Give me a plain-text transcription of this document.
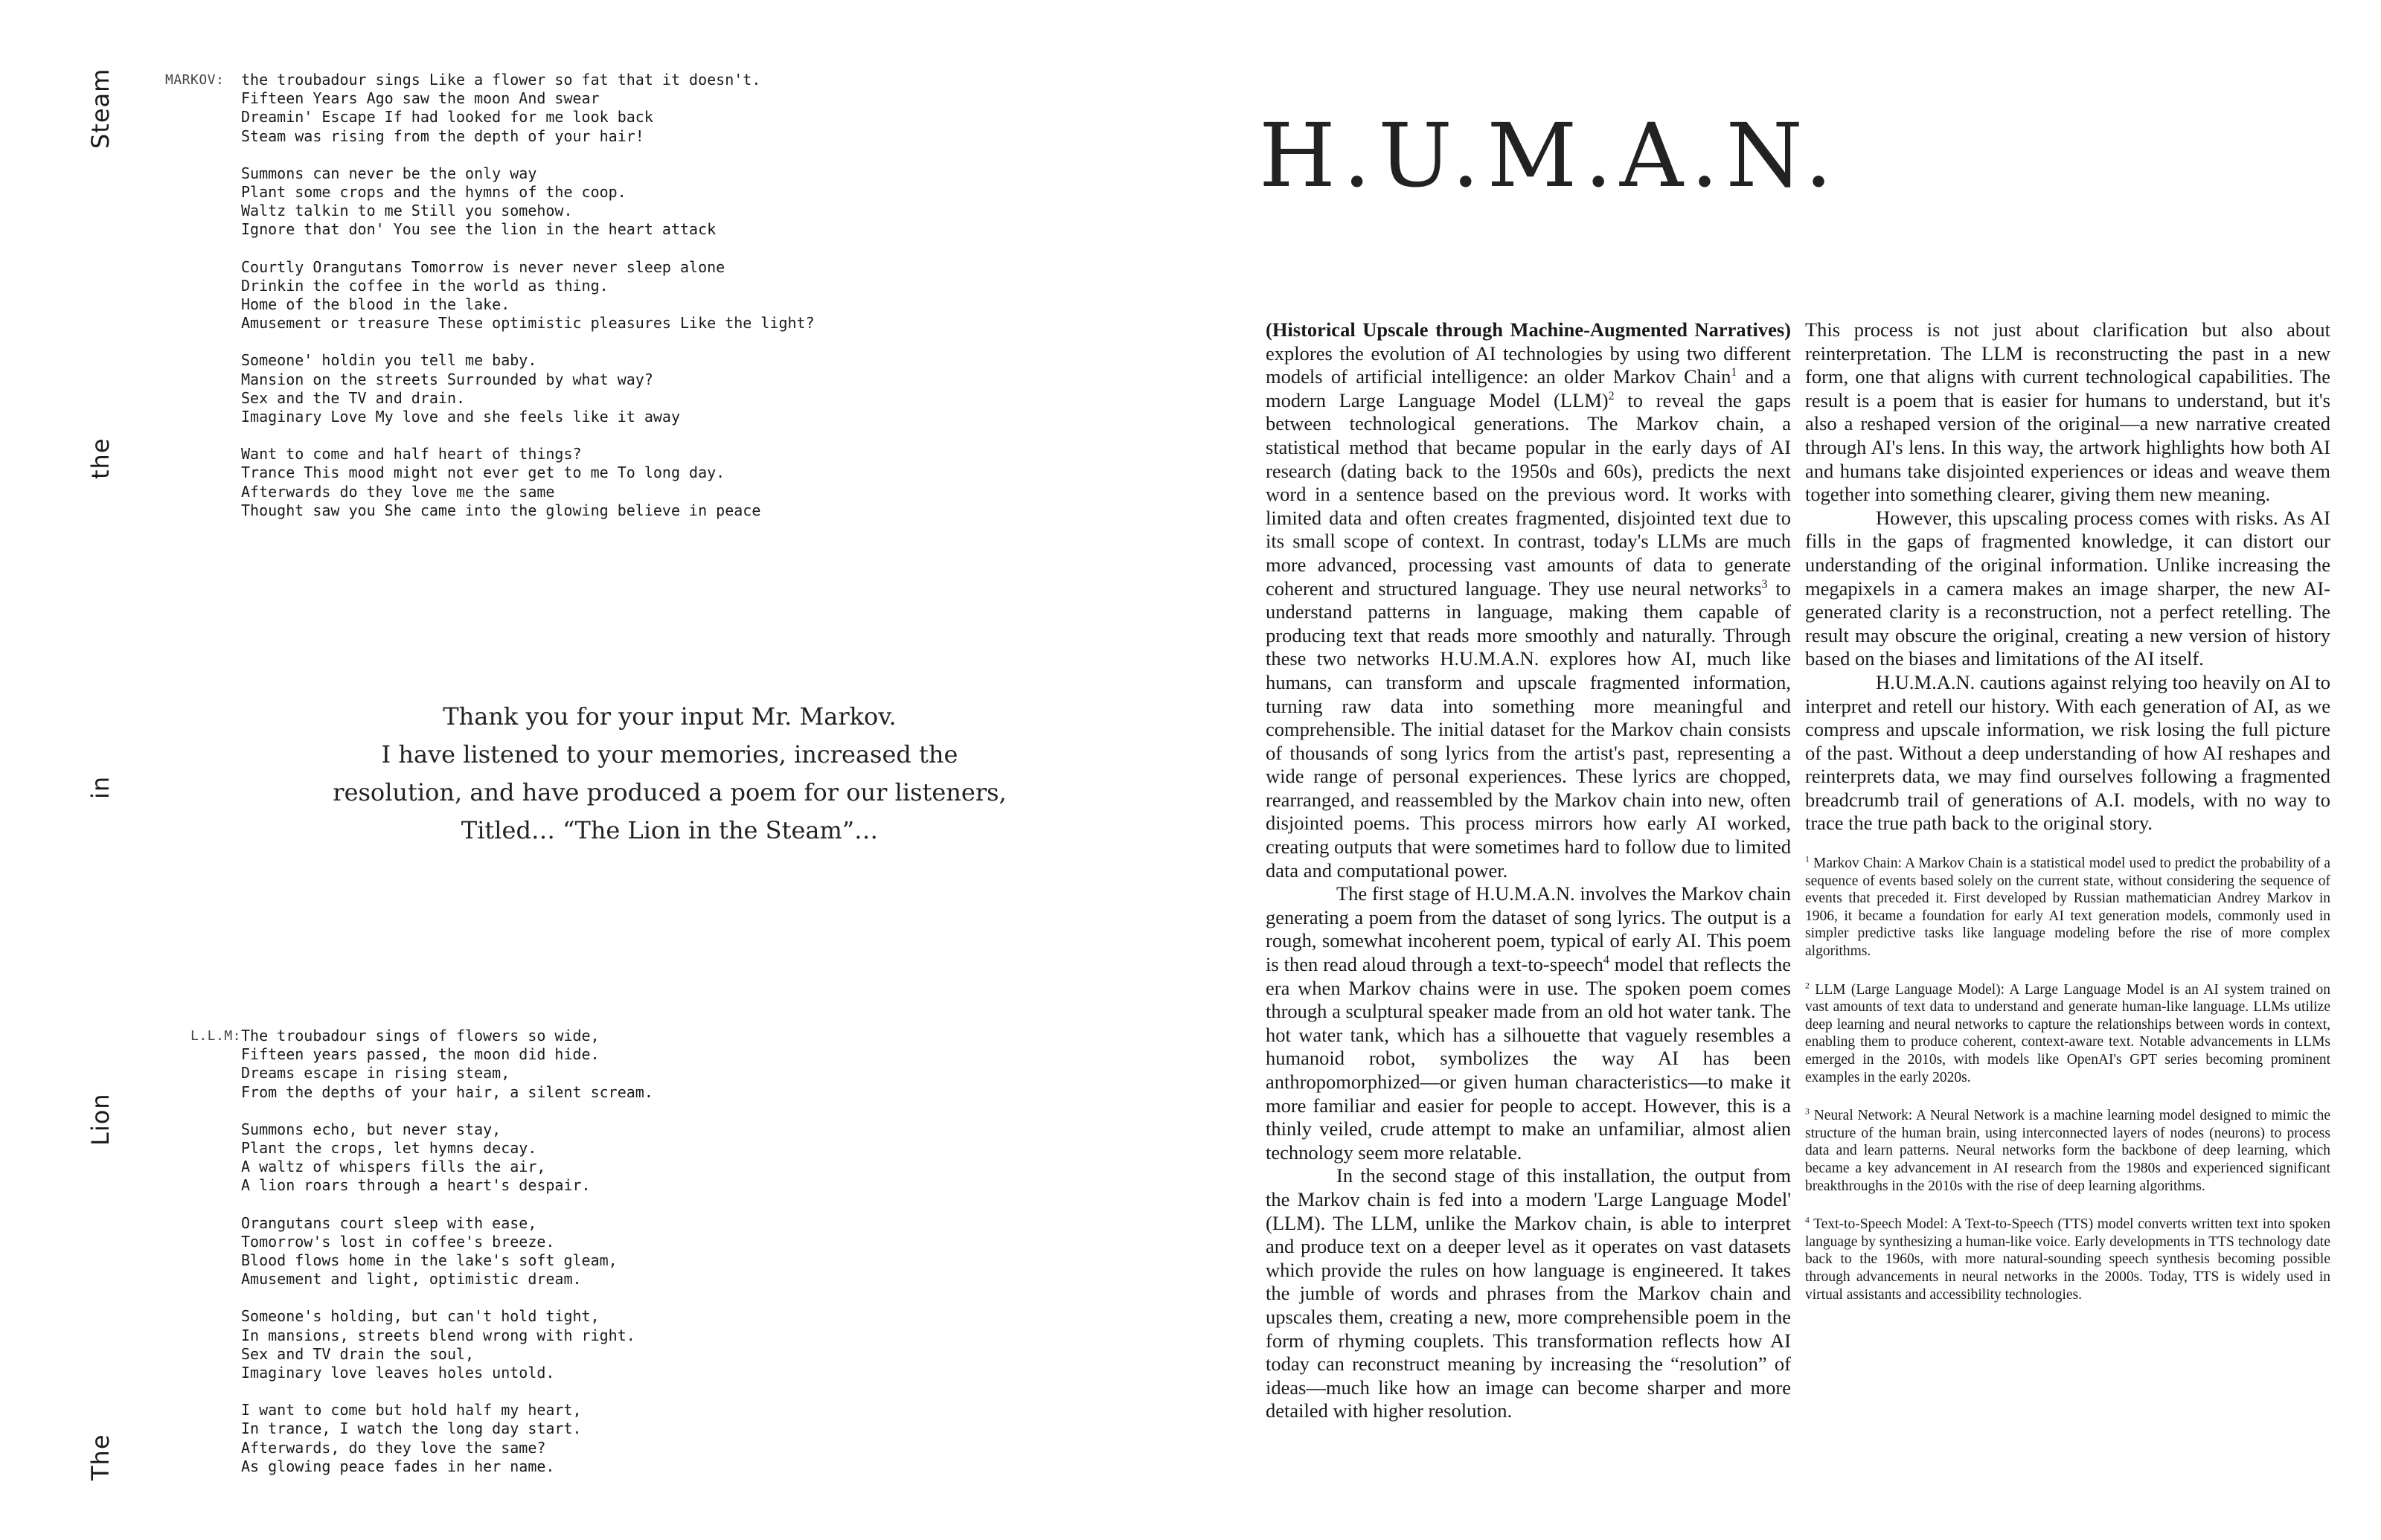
Steam
the
in
Lion
The
MARKOV: the troubadour sings Like a flower so fat that it doesn't.
Fifteen Years Ago saw the moon And swear
Dreamin' Escape If had looked for me look back
Steam was rising from the depth of your hair!
Summons can never be the only way
Plant some crops and the hymns of the coop.
Waltz talkin to me Still you somehow.
Ignore that don' You see the lion in the heart attack
Courtly Orangutans Tomorrow is never never sleep alone
Drinkin the coffee in the world as thing.
Home of the blood in the lake.
Amusement or treasure These optimistic pleasures Like the light?
Someone' holdin you tell me baby.
Mansion on the streets Surrounded by what way?
Sex and the TV and drain.
Imaginary Love My love and she feels like it away
Want to come and half heart of things?
Trance This mood might not ever get to me To long day.
Afterwards do they love me the same
Thought saw you She came into the glowing believe in peace
Thank you for your input Mr. Markov.
I have listened to your memories, increased the
resolution, and have produced a poem for our listeners,
Titled… “The Lion in the Steam”…
L.L.M: The troubadour sings of flowers so wide,
Fifteen years passed, the moon did hide.
Dreams escape in rising steam,
From the depths of your hair, a silent scream.
Summons echo, but never stay,
Plant the crops, let hymns decay.
A waltz of whispers fills the air,
A lion roars through a heart's despair.
Orangutans court sleep with ease,
Tomorrow's lost in coffee's breeze.
Blood flows home in the lake's soft gleam,
Amusement and light, optimistic dream.
Someone's holding, but can't hold tight,
In mansions, streets blend wrong with right.
Sex and TV drain the soul,
Imaginary love leaves holes untold.
I want to come but hold half my heart,
In trance, I watch the long day start.
Afterwards, do they love the same?
As glowing peace fades in her name.
H.U.M.A.N.

(Historical Upscale through Machine-Augmented Narratives) explores the evolution of AI technologies by using two different models of artificial intelligence: an older Markov Chain$^1$ and a modern Large Language Model (LLM)$^2$ to reveal the gaps between technological generations. The Markov chain, a statistical method that became popular in the early days of AI research (dating back to the 1950s and 60s), predicts the next word in a sentence based on the previous word. It works with limited data and often creates fragmented, disjointed text due to its small scope of context. In contrast, today's LLMs are much more advanced, processing vast amounts of data to generate coherent and structured language. They use neural networks$^3$ to understand patterns in language, making them capable of producing text that reads more smoothly and naturally. Through these two networks H.U.M.A.N. explores how AI, much like humans, can transform and upscale fragmented information, turning raw data into something more meaningful and comprehensible. The initial dataset for the Markov chain consists of thousands of song lyrics from the artist's past, representing a wide range of personal experiences. These lyrics are chopped, rearranged, and reassembled by the Markov chain into new, often disjointed poems. This process mirrors how early AI worked, creating outputs that were sometimes hard to follow due to limited data and computational power.

The first stage of H.U.M.A.N. involves the Markov chain generating a poem from the dataset of song lyrics. The output is a rough, somewhat incoherent poem, typical of early AI. This poem is then read aloud through a text-to-speech$^4$ model that reflects the era when Markov chains were in use. The spoken poem comes through a sculptural speaker made from an old hot water tank. The hot water tank, which has a silhouette that vaguely resembles a humanoid robot, symbolizes the way AI has been anthropomorphized—or given human characteristics—to make it more familiar and easier for people to accept. However, this is a thinly veiled, crude attempt to make an unfamiliar, almost alien technology seem more relatable.

In the second stage of this installation, the output from the Markov chain is fed into a modern 'Large Language Model' (LLM). The LLM, unlike the Markov chain, is able to interpret and produce text on a deeper level as it operates on vast datasets which provide the rules on how language is engineered. It takes the jumble of words and phrases from the Markov chain and upscales them, creating a new, more comprehensible poem in the form of rhyming couplets. This transformation reflects how AI today can reconstruct meaning by increasing the “resolution” of ideas—much like how an image can become sharper and more detailed with higher resolution.

This process is not just about clarification but also about reinterpretation. The LLM is reconstructing the past in a new form, one that aligns with current technological capabilities. The result is a poem that is easier for humans to understand, but it's also a reshaped version of the original—a new narrative created through AI's lens. In this way, the artwork highlights how both AI and humans take disjointed experiences or ideas and weave them together into something clearer, giving them new meaning.

However, this upscaling process comes with risks. As AI fills in the gaps of fragmented knowledge, it can distort our understanding of the original information. Unlike increasing the megapixels in a camera makes an image sharper, the new AI-generated clarity is a reconstruction, not a perfect retelling. The result may obscure the original, creating a new version of history based on the biases and limitations of the AI itself.

H.U.M.A.N. cautions against relying too heavily on AI to interpret and retell our history. With each generation of AI, as we compress and upscale information, we risk losing the full picture of the past. Without a deep understanding of how AI reshapes and reinterprets data, we may find ourselves following a fragmented breadcrumb trail of generations of A.I. models, with no way to trace the true path back to the original story.

$^1$ Markov Chain: A Markov Chain is a statistical model used to predict the probability of a sequence of events based solely on the current state, without considering the sequence of events that preceded it. First developed by Russian mathematician Andrey Markov in 1906, it became a foundation for early AI text generation models, commonly used in simpler predictive tasks like language modeling before the rise of more complex algorithms.

$^2$ LLM (Large Language Model): A Large Language Model is an AI system trained on vast amounts of text data to understand and generate human-like language. LLMs utilize deep learning and neural networks to capture the relationships between words in context, enabling them to produce coherent, context-aware text. Notable advancements in LLMs emerged in the 2010s, with models like OpenAI's GPT series becoming prominent examples in the early 2020s.

$^3$ Neural Network: A Neural Network is a machine learning model designed to mimic the structure of the human brain, using interconnected layers of nodes (neurons) to process data and learn patterns. Neural networks form the backbone of deep learning, which became a key advancement in AI research from the 1980s and experienced significant breakthroughs in the 2010s with the rise of deep learning algorithms.

$^4$ Text-to-Speech Model: A Text-to-Speech (TTS) model converts written text into spoken language by synthesizing a human-like voice. Early developments in TTS technology date back to the 1960s, with more natural-sounding speech synthesis becoming possible through advancements in neural networks in the 2000s. Today, TTS is widely used in virtual assistants and accessibility technologies.
